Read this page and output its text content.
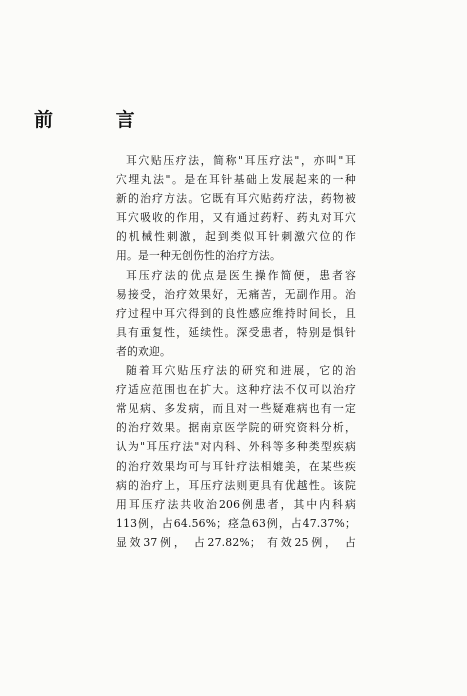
前 言

耳穴贴压疗法，简称"耳压疗法"，亦叫"耳
穴埋丸法"。是在耳针基础上发展起来的一种
新的治疗方法。它既有耳穴贴药疗法，药物被
耳穴吸收的作用，又有通过药籽、药丸对耳穴
的机械性刺激，起到类似耳针刺激穴位的作
用。是一种无创伤性的治疗方法。

耳压疗法的优点是医生操作简便，患者容
易接受，治疗效果好，无痛苦，无副作用。治
疗过程中耳穴得到的良性感应维持时间长，且
具有重复性，延续性。深受患者，特别是惧针
者的欢迎。

随着耳穴贴压疗法的研究和进展，它的治
疗适应范围也在扩大。这种疗法不仅可以治疗
常见病、多发病，而且对一些疑难病也有一定
的治疗效果。据南京医学院的研究资料分析，
认为"耳压疗法"对内科、外科等多种类型疾病
的治疗效果均可与耳针疗法相媲美，在某些疾
病的治疗上，耳压疗法则更具有优越性。该院
用耳压疗法共收治206例患者，其中内科病
113例，占64.56%；痉急63例，占47.37%；
显效37例， 占27.82%； 有效25例， 占
